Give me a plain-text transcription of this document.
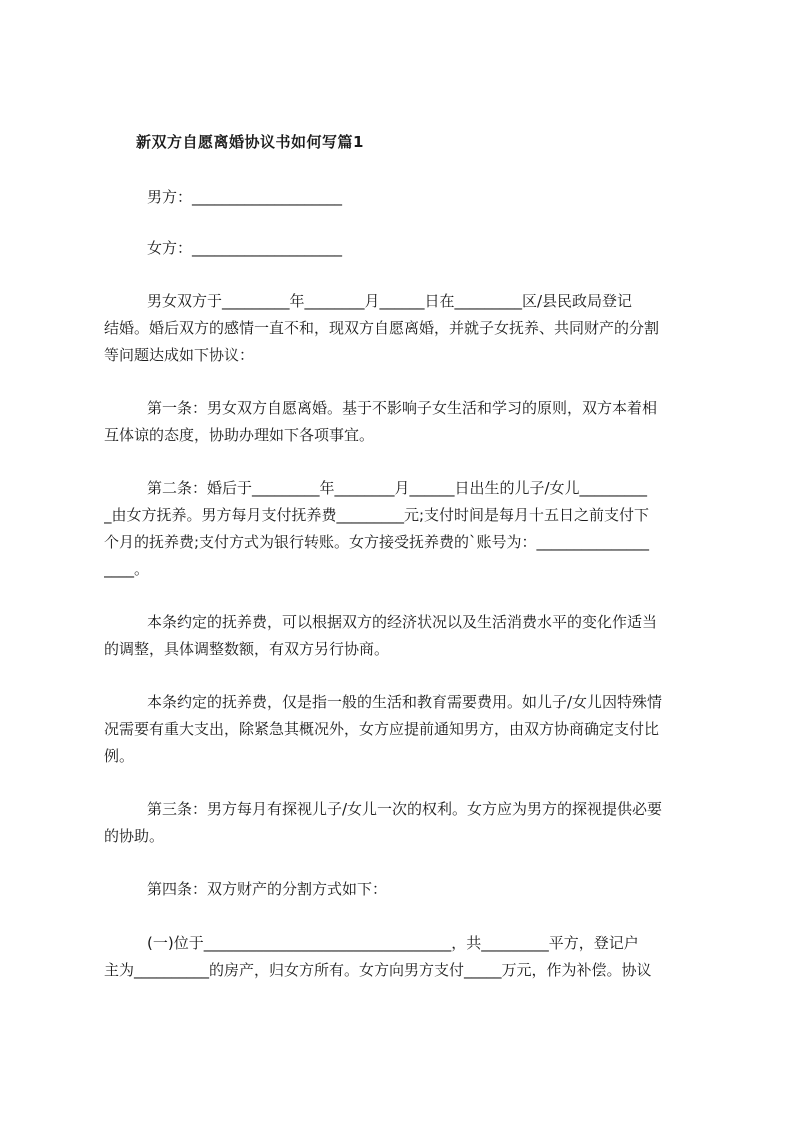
新双方自愿离婚协议书如何写篇1
男方：____________________
女方：____________________
男女双方于_________年________月______日在_________区/县民政局登记
结婚。婚后双方的感情一直不和，现双方自愿离婚，并就子女抚养、共同财产的分割
等问题达成如下协议：
第一条：男女双方自愿离婚。基于不影响子女生活和学习的原则，双方本着相
互体谅的态度，协助办理如下各项事宜。
第二条：婚后于_________年________月______日出生的儿子/女儿_________
_由女方抚养。男方每月支付抚养费_________元;支付时间是每月十五日之前支付下
个月的抚养费;支付方式为银行转账。女方接受抚养费的`账号为：_______________
____。
本条约定的抚养费，可以根据双方的经济状况以及生活消费水平的变化作适当
的调整，具体调整数额，有双方另行协商。
本条约定的抚养费，仅是指一般的生活和教育需要费用。如儿子/女儿因特殊情
况需要有重大支出，除紧急其概况外，女方应提前通知男方，由双方协商确定支付比
例。
第三条：男方每月有探视儿子/女儿一次的权利。女方应为男方的探视提供必要
的协助。
第四条：双方财产的分割方式如下：
(一)位于_________________________________，共_________平方，登记户
主为__________的房产，归女方所有。女方向男方支付_____万元，作为补偿。协议
